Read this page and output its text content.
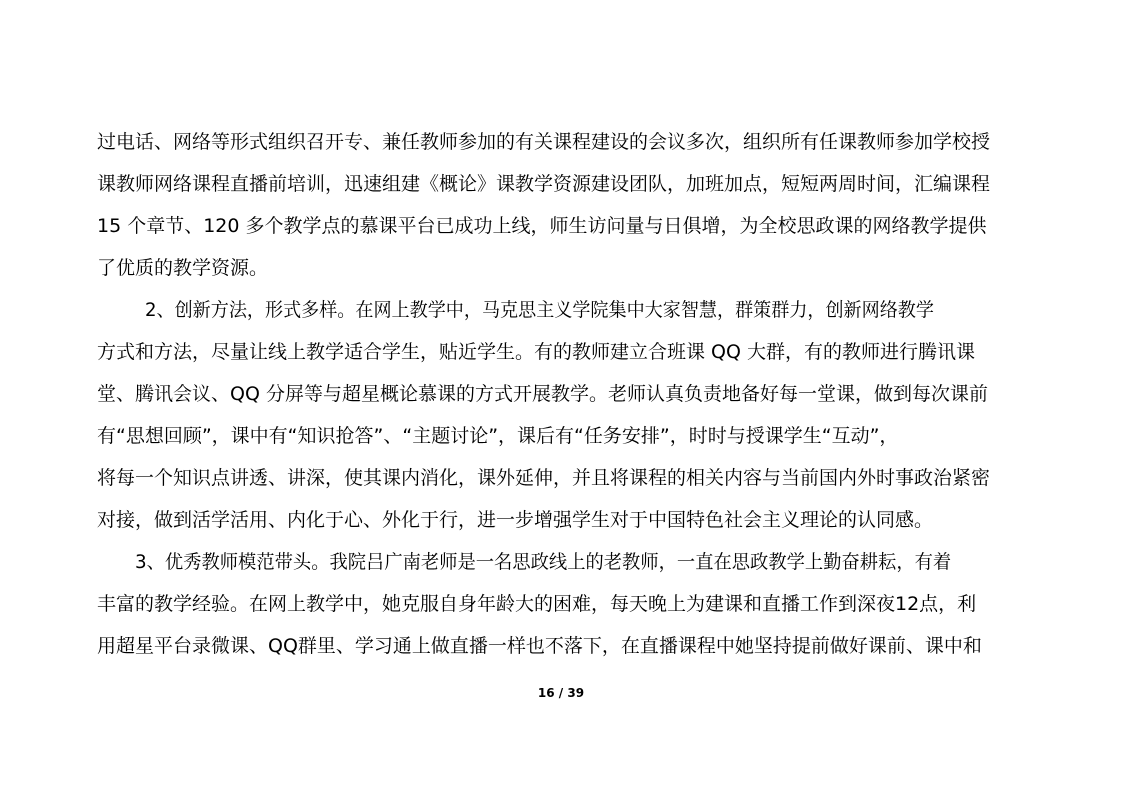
过电话、网络等形式组织召开专、兼任教师参加的有关课程建设的会议多次，组织所有任课教师参加学校授
课教师网络课程直播前培训，迅速组建《概论》课教学资源建设团队，加班加点，短短两周时间，汇编课程
15 个章节、120 多个教学点的慕课平台已成功上线，师生访问量与日俱增，为全校思政课的网络教学提供
了优质的教学资源。
2、创新方法，形式多样。在网上教学中，马克思主义学院集中大家智慧，群策群力，创新网络教学
方式和方法，尽量让线上教学适合学生，贴近学生。有的教师建立合班课 QQ 大群，有的教师进行腾讯课
堂、腾讯会议、QQ 分屏等与超星概论慕课的方式开展教学。老师认真负责地备好每一堂课，做到每次课前
有“思想回顾”，课中有“知识抢答”、“主题讨论”，课后有“任务安排”，时时与授课学生“互动”，
将每一个知识点讲透、讲深，使其课内消化，课外延伸，并且将课程的相关内容与当前国内外时事政治紧密
对接，做到活学活用、内化于心、外化于行，进一步增强学生对于中国特色社会主义理论的认同感。
3、优秀教师模范带头。我院吕广南老师是一名思政线上的老教师，一直在思政教学上勤奋耕耘，有着
丰富的教学经验。在网上教学中，她克服自身年龄大的困难，每天晚上为建课和直播工作到深夜12点，利
用超星平台录微课、QQ群里、学习通上做直播一样也不落下，在直播课程中她坚持提前做好课前、课中和
16 / 39
